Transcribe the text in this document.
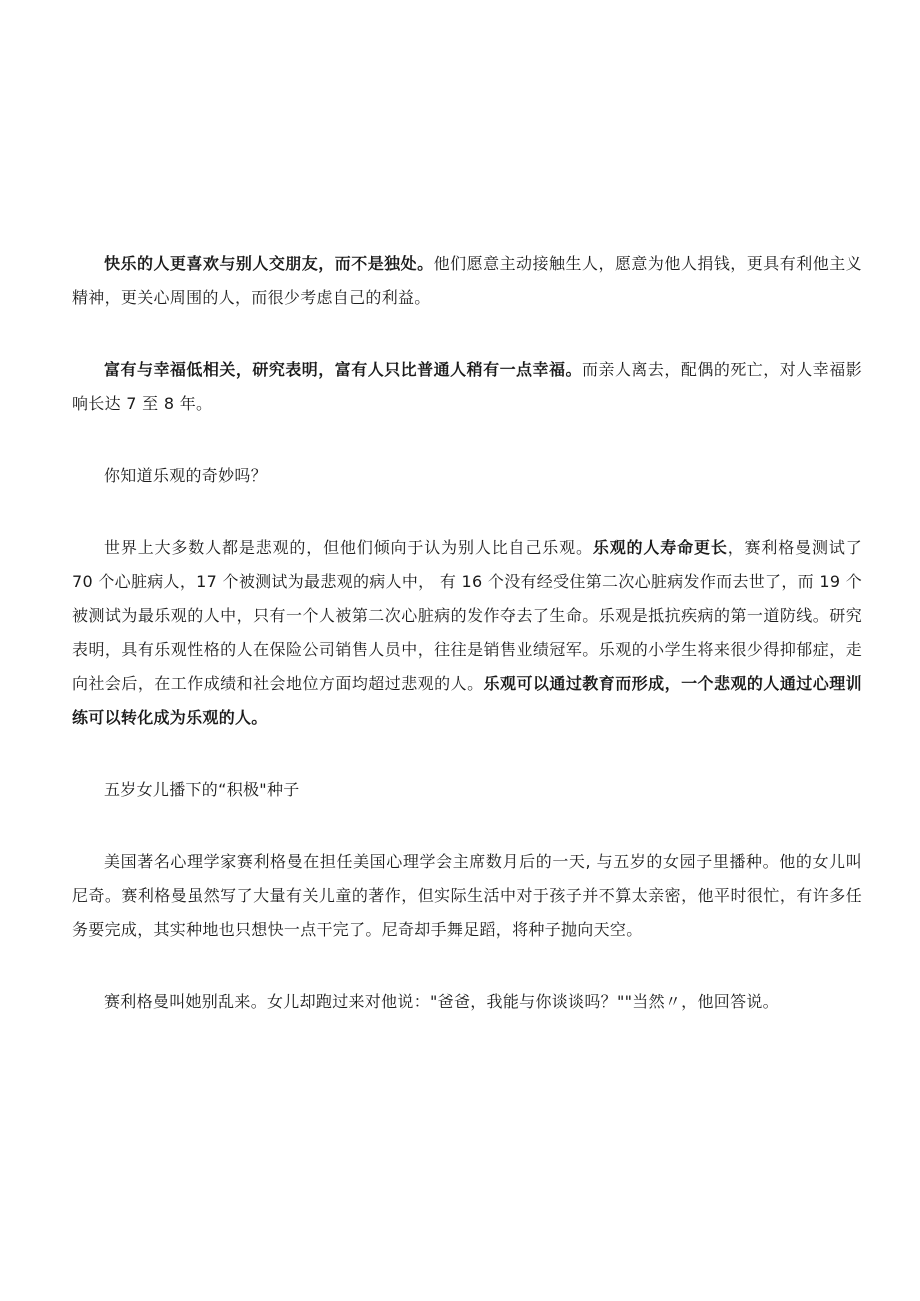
快乐的人更喜欢与别人交朋友，而不是独处。他们愿意主动接触生人，愿意为他人捐钱，更具有利他主义精神，更关心周围的人，而很少考虑自己的利益。

富有与幸福低相关，研究表明，富有人只比普通人稍有一点幸福。而亲人离去，配偶的死亡，对人幸福影响长达 7 至 8 年。

你知道乐观的奇妙吗？

世界上大多数人都是悲观的，但他们倾向于认为别人比自己乐观。乐观的人寿命更长，赛利格曼测试了 70 个心脏病人，17 个被测试为最悲观的病人中， 有 16 个没有经受住第二次心脏病发作而去世了，而 19 个被测试为最乐观的人中，只有一个人被第二次心脏病的发作夺去了生命。乐观是抵抗疾病的第一道防线。研究表明，具有乐观性格的人在保险公司销售人员中，往往是销售业绩冠军。乐观的小学生将来很少得抑郁症，走向社会后，在工作成绩和社会地位方面均超过悲观的人。乐观可以通过教育而形成，一个悲观的人通过心理训练可以转化成为乐观的人。

五岁女儿播下的“积极"种子

美国著名心理学家赛利格曼在担任美国心理学会主席数月后的一天, 与五岁的女园子里播种。他的女儿叫尼奇。赛利格曼虽然写了大量有关儿童的著作，但实际生活中对于孩子并不算太亲密，他平时很忙，有许多任务要完成，其实种地也只想快一点干完了。尼奇却手舞足蹈，将种子抛向天空。

赛利格曼叫她别乱来。女儿却跑过来对他说："爸爸，我能与你谈谈吗？""当然〃，他回答说。
